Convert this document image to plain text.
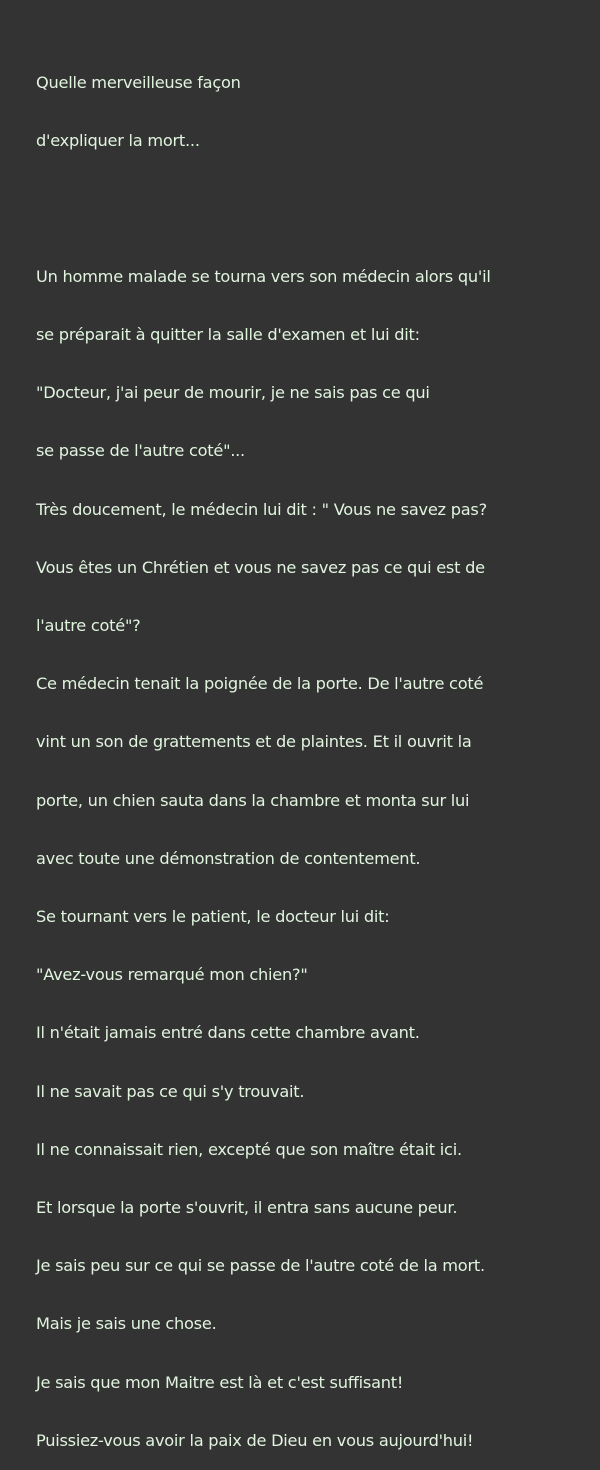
Quelle merveilleuse façon

d'expliquer la mort...

Un homme malade se tourna vers son médecin alors qu'il

se préparait à quitter la salle d'examen et lui dit:

"Docteur, j'ai peur de mourir, je ne sais pas ce qui

se passe de l'autre coté"...

Très doucement, le médecin lui dit : " Vous ne savez pas?

Vous êtes un Chrétien et vous ne savez pas ce qui est de

l'autre coté"?

Ce médecin tenait la poignée de la porte. De l'autre coté

vint un son de grattements et de plaintes. Et il ouvrit la

porte, un chien sauta dans la chambre et monta sur lui

avec toute une démonstration de contentement.

Se tournant vers le patient, le docteur lui dit:

"Avez-vous remarqué mon chien?"

Il n'était jamais entré dans cette chambre avant.

Il ne savait pas ce qui s'y trouvait.

Il ne connaissait rien, excepté que son maître était ici.

Et lorsque la porte s'ouvrit, il entra sans aucune peur.

Je sais peu sur ce qui se passe de l'autre coté de la mort.

Mais je sais une chose.

Je sais que mon Maitre est là et c'est suffisant!

Puissiez-vous avoir la paix de Dieu en vous aujourd'hui!
